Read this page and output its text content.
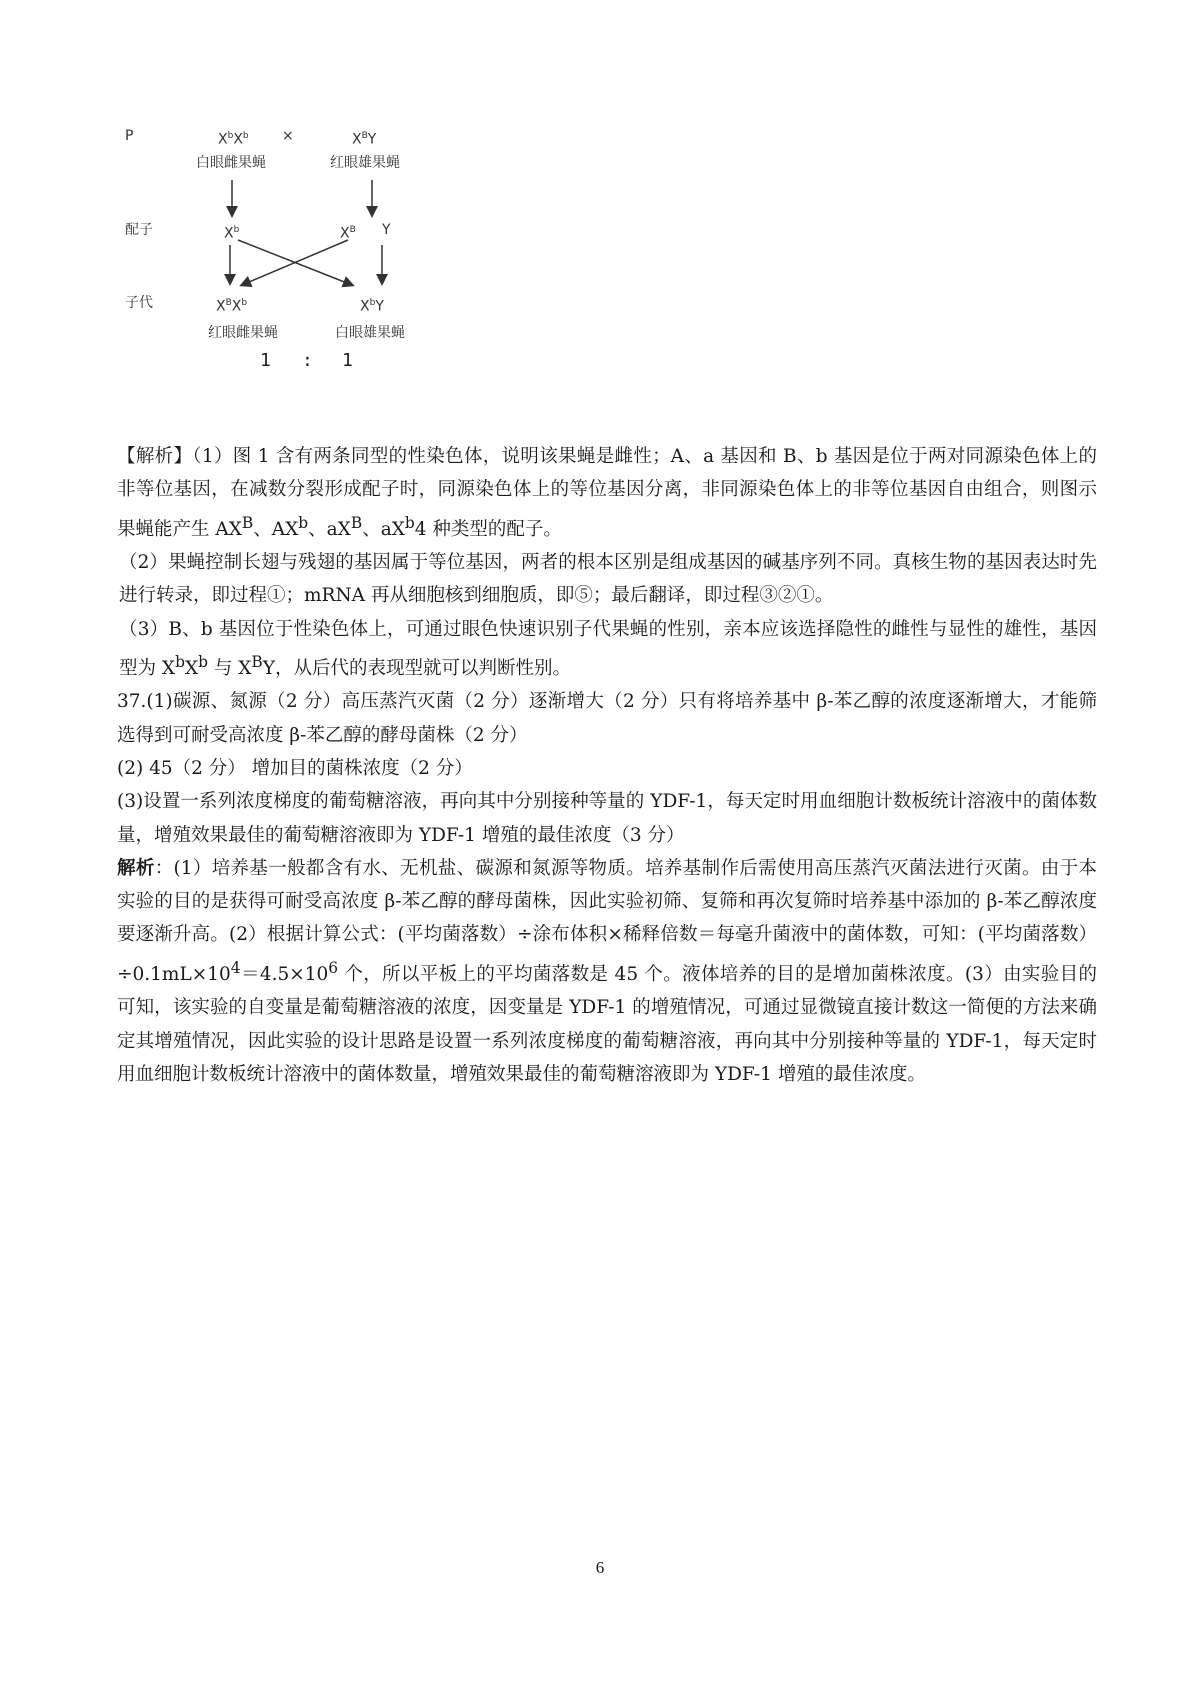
P	$X^bX^b$ ×	$X^BY$
白眼雌果蝇	红眼雄果蝇
配子	$X^b$	$X^B$ Y
子代	$X^BX^b$	$X^bY$
红眼雌果蝇	白眼雄果蝇
1 : 1

【解析】（1）图 1 含有两条同型的性染色体，说明该果蝇是雌性；A、a 基因和 B、b 基因是位于两对同源染色体上的非等位基因，在减数分裂形成配子时，同源染色体上的等位基因分离，非同源染色体上的非等位基因自由组合，则图示果蝇能产生 $AX^B$、$AX^b$、$aX^B$、$aX^b4$ 种类型的配子。

（2）果蝇控制长翅与残翅的基因属于等位基因，两者的根本区别是组成基因的碱基序列不同。真核生物的基因表达时先进行转录，即过程①；mRNA 再从细胞核到细胞质，即⑤；最后翻译，即过程③②①。

（3）B、b 基因位于性染色体上，可通过眼色快速识别子代果蝇的性别，亲本应该选择隐性的雌性与显性的雄性，基因型为 $X^bX^b$ 与 $X^BY$，从后代的表现型就可以判断性别。

37.(1)碳源、氮源（2 分）高压蒸汽灭菌（2 分）逐渐增大（2 分）只有将培养基中 β-苯乙醇的浓度逐渐增大，才能筛选得到可耐受高浓度 β-苯乙醇的酵母菌株（2 分）

(2) 45（2 分） 增加目的菌株浓度（2 分）

(3)设置一系列浓度梯度的葡萄糖溶液，再向其中分别接种等量的 YDF-1，每天定时用血细胞计数板统计溶液中的菌体数量，增殖效果最佳的葡萄糖溶液即为 YDF-1 增殖的最佳浓度（3 分）

解析：(1）培养基一般都含有水、无机盐、碳源和氮源等物质。培养基制作后需使用高压蒸汽灭菌法进行灭菌。由于本实验的目的是获得可耐受高浓度 β-苯乙醇的酵母菌株，因此实验初筛、复筛和再次复筛时培养基中添加的 β-苯乙醇浓度要逐渐升高。(2）根据计算公式：(平均菌落数）÷涂布体积×稀释倍数＝每毫升菌液中的菌体数，可知：(平均菌落数）$\div 0.1mL\times 10^4=4.5\times 10^6$ 个，所以平板上的平均菌落数是 45 个。液体培养的目的是增加菌株浓度。(3）由实验目的可知，该实验的自变量是葡萄糖溶液的浓度，因变量是 YDF-1 的增殖情况，可通过显微镜直接计数这一简便的方法来确定其增殖情况，因此实验的设计思路是设置一系列浓度梯度的葡萄糖溶液，再向其中分别接种等量的 YDF-1，每天定时用血细胞计数板统计溶液中的菌体数量，增殖效果最佳的葡萄糖溶液即为 YDF-1 增殖的最佳浓度。

6
